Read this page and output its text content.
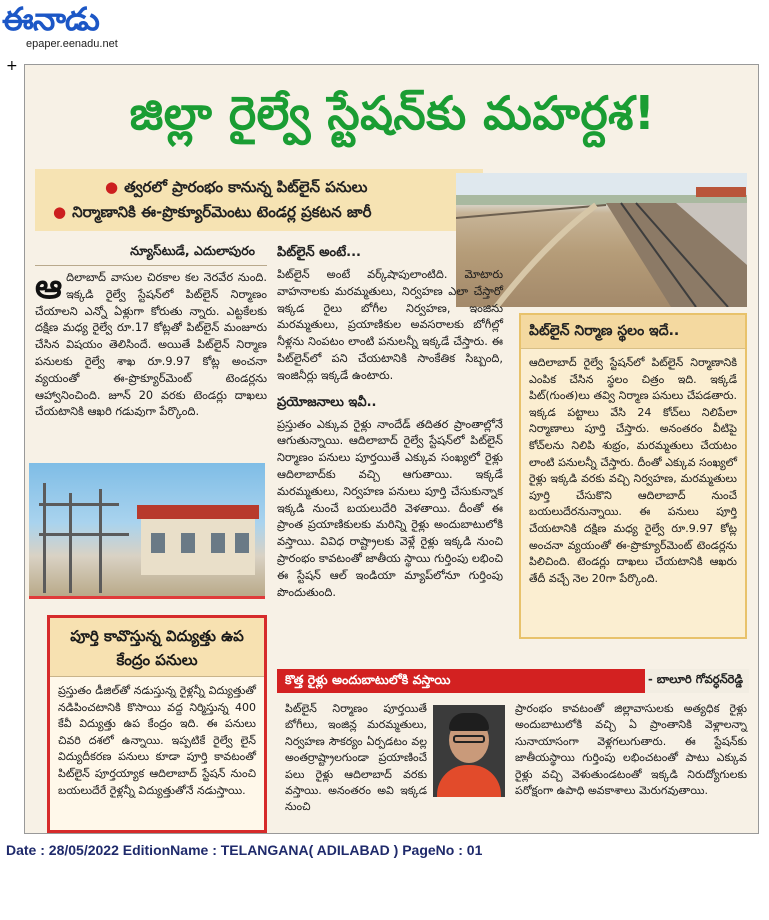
ఈనాడు
epaper.eenadu.net
+
జిల్లా రైల్వే స్టేషన్‌కు మహర్దశ!
● త్వరలో ప్రారంభం కానున్న పిట్‌లైన్ పనులు
● నిర్మాణానికి ఈ-ప్రొక్యూర్‌మెంటు టెండర్ల ప్రకటన జారీ
న్యూస్‌టుడే, ఎదులాపురం
ఆదిలాబాద్ వాసుల చిరకాల కల నెరవేర నుంది. ఇక్కడి రైల్వే స్టేషన్‌లో పిట్‌లైన్ నిర్మాణం చేయాలని ఎన్నో ఏళ్లుగా కోరుతు న్నారు. ఎట్టకేలకు దక్షిణ మధ్య రైల్వే రూ.17 కోట్లతో పిట్‌లైన్ మంజూరు చేసిన విషయం తెలిసిందే. అయితే పిట్‌లైన్ నిర్మాణ పనులకు రైల్వే శాఖ రూ.9.97 కోట్ల అంచనా వ్యయంతో ఈ-ప్రొక్యూర్‌మెంట్ టెండర్లను ఆహ్వానించింది. జూన్ 20 వరకు టెండర్లు దాఖలు చేయటానికి ఆఖరి గడువుగా పేర్కొంది.
పూర్తి కావొస్తున్న విద్యుత్తు ఉప కేంద్రం పనులు
ప్రస్తుతం డీజిల్‌తో నడుస్తున్న రైళ్లన్నీ విద్యుత్తుతో నడిపించటానికి కొసాయి వద్ద నిర్మిస్తున్న 400 కేవీ విద్యుత్తు ఉప కేంద్రం ఇది. ఈ పనులు చివరి దశలో ఉన్నాయి. ఇప్పటికే రైల్వే లైన్ విద్యుదీకరణ పనులు కూడా పూర్తి కావటంతో పిట్‌లైన్ పూర్తయ్యాక ఆదిలాబాద్ స్టేషన్ నుంచి బయలుదేరే రైళ్లన్నీ విద్యుత్తుతోనే నడుస్తాయి.
పిట్‌లైన్ అంటే...
పిట్‌లైన్ అంటే వర్క్‌షాపులాంటిది. మోటారు వాహనాలకు మరమ్మతులు, నిర్వహణ ఎలా చేస్తారో ఇక్కడ రైలు బోగీల నిర్వహణ, ఇంజిను మరమ్మతులు, ప్రయాణికుల అవసరాలకు బోగీల్లో నీళ్లను నింపటం లాంటి పనులన్నీ ఇక్కడే చేస్తారు. ఈ పిట్‌లైన్‌లో పని చేయటానికి సాంకేతిక సిబ్బంది, ఇంజినీర్లు ఇక్కడే ఉంటారు.
ప్రయోజనాలు ఇవీ..
ప్రస్తుతం ఎక్కువ రైళ్లు నాందేడ్ తదితర ప్రాంతాల్లోనే ఆగుతున్నాయి. ఆదిలాబాద్ రైల్వే స్టేషన్‌లో పిట్‌లైన్ నిర్మాణం పనులు పూర్తయితే ఎక్కువ సంఖ్యలో రైళ్లు ఆదిలాబాద్‌కు వచ్చి ఆగుతాయి. ఇక్కడే మరమ్మతులు, నిర్వహణ పనులు పూర్తి చేసుకున్నాక ఇక్కడి నుంచే బయలుదేరి వెళతాయి. దీంతో ఈ ప్రాంత ప్రయాణికులకు మరిన్ని రైళ్లు అందుబాటులోకి వస్తాయి. వివిధ రాష్ట్రాలకు వెళ్లే రైళ్లు ఇక్కడి నుంచి ప్రారంభం కావటంతో జాతీయ స్థాయి గుర్తింపు లభించి ఈ స్టేషన్ ఆల్ ఇండియా మ్యాప్‌లోనూ గుర్తింపు పొందుతుంది.
పిట్‌లైన్ నిర్మాణ స్థలం ఇదే..
ఆదిలాబాద్ రైల్వే స్టేషన్‌లో పిట్‌లైన్ నిర్మాణానికి ఎంపిక చేసిన స్థలం చిత్రం ఇది. ఇక్కడే పిట్(గుంత)లు తవ్వి నిర్మాణ పనులు చేపడతారు. ఇక్కడ పట్టాలు వేసి 24 కోచ్‌లు నిలిపేలా నిర్మాణాలు పూర్తి చేస్తారు. అనంతరం వీటిపై కోచ్‌లను నిలిపి శుభ్రం, మరమ్మతులు చేయటం లాంటి పనులన్నీ చేస్తారు. దీంతో ఎక్కువ సంఖ్యలో రైళ్లు ఇక్కడి వరకు వచ్చి నిర్వహణ, మరమ్మతులు పూర్తి చేసుకొని ఆదిలాబాద్ నుంచే బయలుదేరనున్నాయి. ఈ పనులు పూర్తి చేయటానికి దక్షిణ మధ్య రైల్వే రూ.9.97 కోట్ల అంచనా వ్యయంతో ఈ-ప్రొక్యూర్‌మెంట్ టెండర్లను పిలిచింది. టెండర్లు దాఖలు చేయటానికి ఆఖరు తేదీ వచ్చే నెల 20గా పేర్కొంది.
కొత్త రైళ్లు అందుబాటులోకి వస్తాయి	- బాలూరి గోవర్ధన్‌రెడ్డి
పిట్‌లైన్ నిర్మాణం పూర్తయితే బోగీలు, ఇంజిన్ల మరమ్మతులు, నిర్వహణ సౌకర్యం ఏర్పడటం వల్ల అంతర్రాష్ట్రాలగుండా ప్రయాణించే పలు రైళ్లు ఆదిలాబాద్ వరకు వస్తాయి. అనంతరం అవి ఇక్కడ నుంచి
ప్రారంభం కావటంతో జిల్లావాసులకు అత్యధిక రైళ్లు అందుబాటులోకి వచ్చి ఏ ప్రాంతానికి వెళ్లాలన్నా సునాయాసంగా వెళ్లగలుగుతారు. ఈ స్టేషన్‌కు జాతీయస్థాయి గుర్తింపు లభించటంతో పాటు ఎక్కువ రైళ్లు వచ్చి వెళుతుండటంతో ఇక్కడి నిరుద్యోగులకు పరోక్షంగా ఉపాధి అవకాశాలు మెరుగవుతాయి.
Date : 28/05/2022 EditionName : TELANGANA( ADILABAD ) PageNo : 01
